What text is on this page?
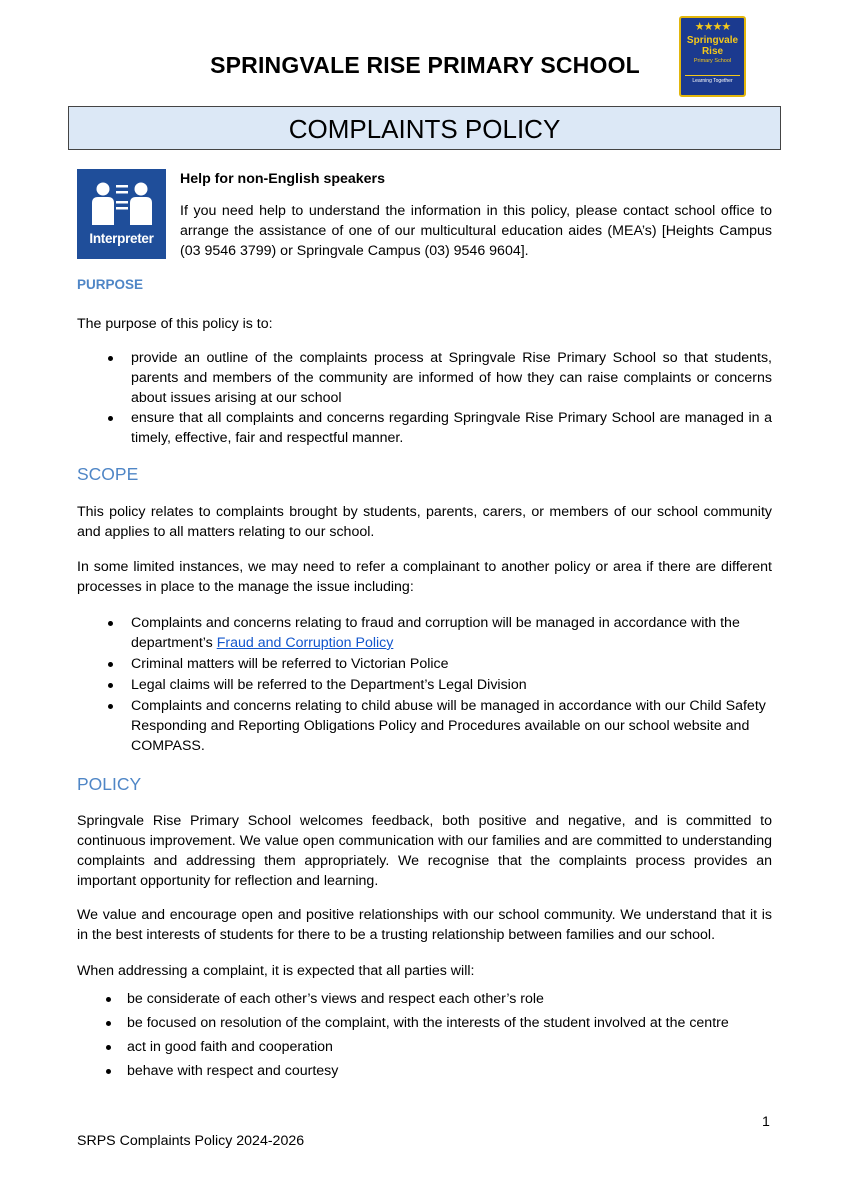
SPRINGVALE RISE PRIMARY SCHOOL
★★★★
Springvale
Rise
Primary School
Learning Together
COMPLAINTS POLICY
Interpreter
Help for non-English speakers
If you need help to understand the information in this policy, please contact school office to arrange the assistance of one of our multicultural education aides (MEA’s) [Heights Campus (03 9546 3799) or Springvale Campus (03) 9546 9604].
PURPOSE
The purpose of this policy is to:
provide an outline of the complaints process at Springvale Rise Primary School so that students, parents and members of the community are informed of how they can raise complaints or concerns about issues arising at our school
ensure that all complaints and concerns regarding Springvale Rise Primary School are managed in a timely, effective, fair and respectful manner.
SCOPE
This policy relates to complaints brought by students, parents, carers, or members of our school community and applies to all matters relating to our school.
In some limited instances, we may need to refer a complainant to another policy or area if there are different processes in place to the manage the issue including:
Complaints and concerns relating to fraud and corruption will be managed in accordance with the department’s Fraud and Corruption Policy
Criminal matters will be referred to Victorian Police
Legal claims will be referred to the Department’s Legal Division
Complaints and concerns relating to child abuse will be managed in accordance with our Child Safety Responding and Reporting Obligations Policy and Procedures available on our school website and COMPASS.
POLICY
Springvale Rise Primary School welcomes feedback, both positive and negative, and is committed to continuous improvement. We value open communication with our families and are committed to understanding complaints and addressing them appropriately. We recognise that the complaints process provides an important opportunity for reflection and learning.
We value and encourage open and positive relationships with our school community. We understand that it is in the best interests of students for there to be a trusting relationship between families and our school.
When addressing a complaint, it is expected that all parties will:
be considerate of each other’s views and respect each other’s role
be focused on resolution of the complaint, with the interests of the student involved at the centre
act in good faith and cooperation
behave with respect and courtesy
1
SRPS Complaints Policy 2024-2026
